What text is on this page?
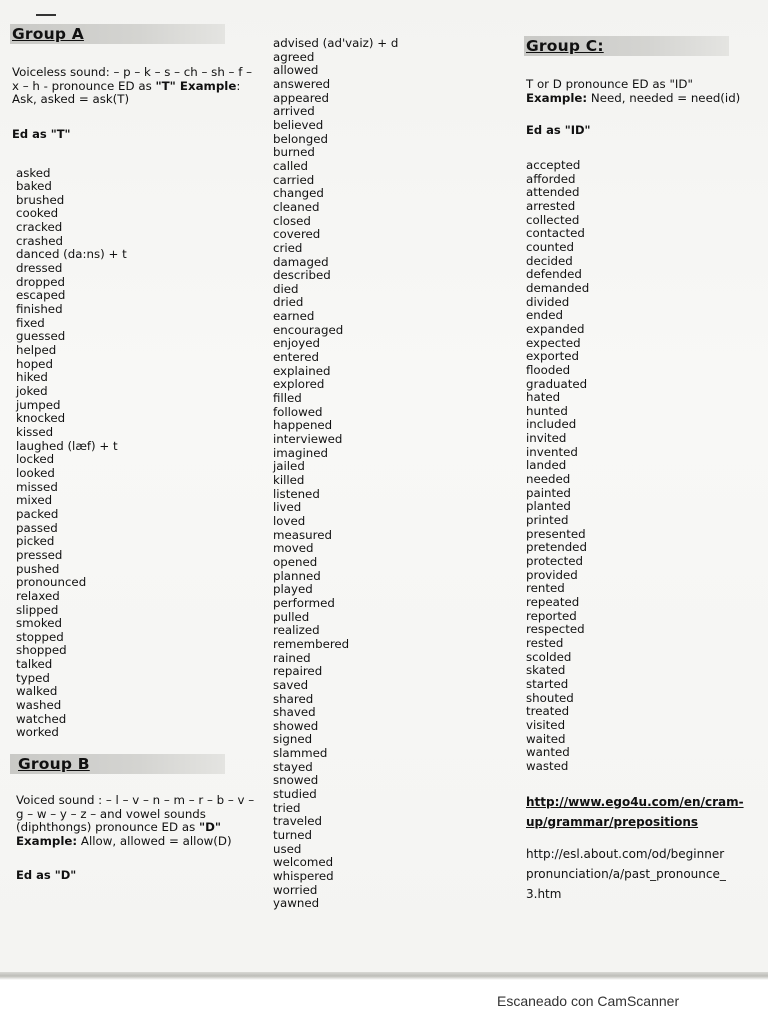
Group A

Voiceless sound: – p – k – s – ch – sh – f – x – h - pronounce ED as "T" Example: Ask, asked = ask(T)

Ed as "T"
asked
baked
brushed
cooked
cracked
crashed
danced (da:ns) + t
dressed
dropped
escaped
finished
fixed
guessed
helped
hoped
hiked
joked
jumped
knocked
kissed
laughed (læf) + t
locked
looked
missed
mixed
packed
passed
picked
pressed
pushed
pronounced
relaxed
slipped
smoked
stopped
shopped
talked
typed
walked
washed
watched
worked
Group B

Voiced sound : – l – v – n – m – r – b – v – g – w – y – z – and vowel sounds (diphthongs) pronounce ED as "D" Example: Allow, allowed = allow(D)

Ed as "D"
advised (ad'vaiz) + d
agreed
allowed
answered
appeared
arrived
believed
belonged
burned
called
carried
changed
cleaned
closed
covered
cried
damaged
described
died
dried
earned
encouraged
enjoyed
entered
explained
explored
filled
followed
happened
interviewed
imagined
jailed
killed
listened
lived
loved
measured
moved
opened
planned
played
performed
pulled
realized
remembered
rained
repaired
saved
shared
shaved
showed
signed
slammed
stayed
snowed
studied
tried
traveled
turned
used
welcomed
whispered
worried
yawned
Group C:

T or D pronounce ED as "ID"
Example: Need, needed = need(id)

Ed as "ID"
accepted
afforded
attended
arrested
collected
contacted
counted
decided
defended
demanded
divided
ended
expanded
expected
exported
flooded
graduated
hated
hunted
included
invited
invented
landed
needed
painted
planted
printed
presented
pretended
protected
provided
rented
repeated
reported
respected
rested
scolded
skated
started
shouted
treated
visited
waited
wanted
wasted
http://www.ego4u.com/en/cram-
up/grammar/prepositions
http://esl.about.com/od/beginner
pronunciation/a/past_pronounce_
3.htm
Escaneado con CamScanner
